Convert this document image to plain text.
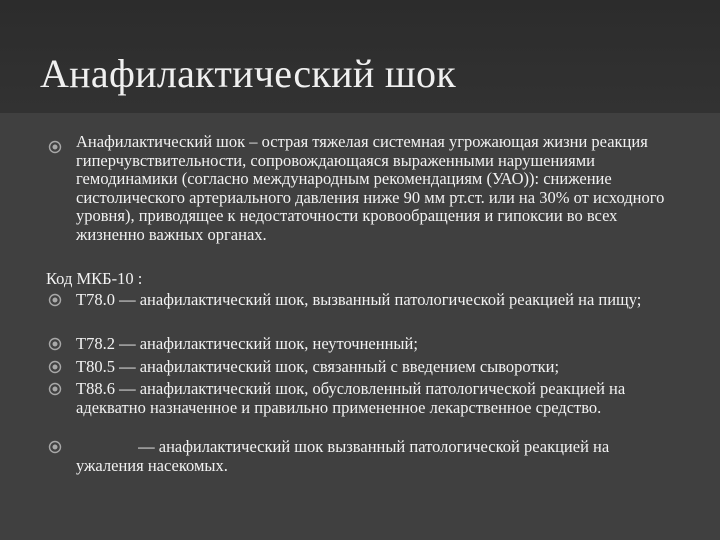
Анафилактический шок

Анафилактический шок – острая тяжелая системная угрожающая жизни реакция гиперчувствительности, сопровождающаяся выраженными нарушениями гемодинамики (согласно международным рекомендациям (УАО)): снижение систолического артериального давления ниже 90 мм рт.ст. или на 30% от исходного уровня), приводящее к недостаточности кровообращения и гипоксии во всех жизненно важных органах.

Код МКБ-10 :

Т78.0 — анафилактический шок, вызванный патологической реакцией на пищу;

Т78.2 — анафилактический шок, неуточненный;

Т80.5 — анафилактический шок, связанный с введением сыворотки;

Т88.6 — анафилактический шок, обусловленный патологической реакцией на адекватно назначенное и правильно примененное лекарственное средство.

— анафилактический шок вызванный патологической реакцией на ужаления насекомых.
